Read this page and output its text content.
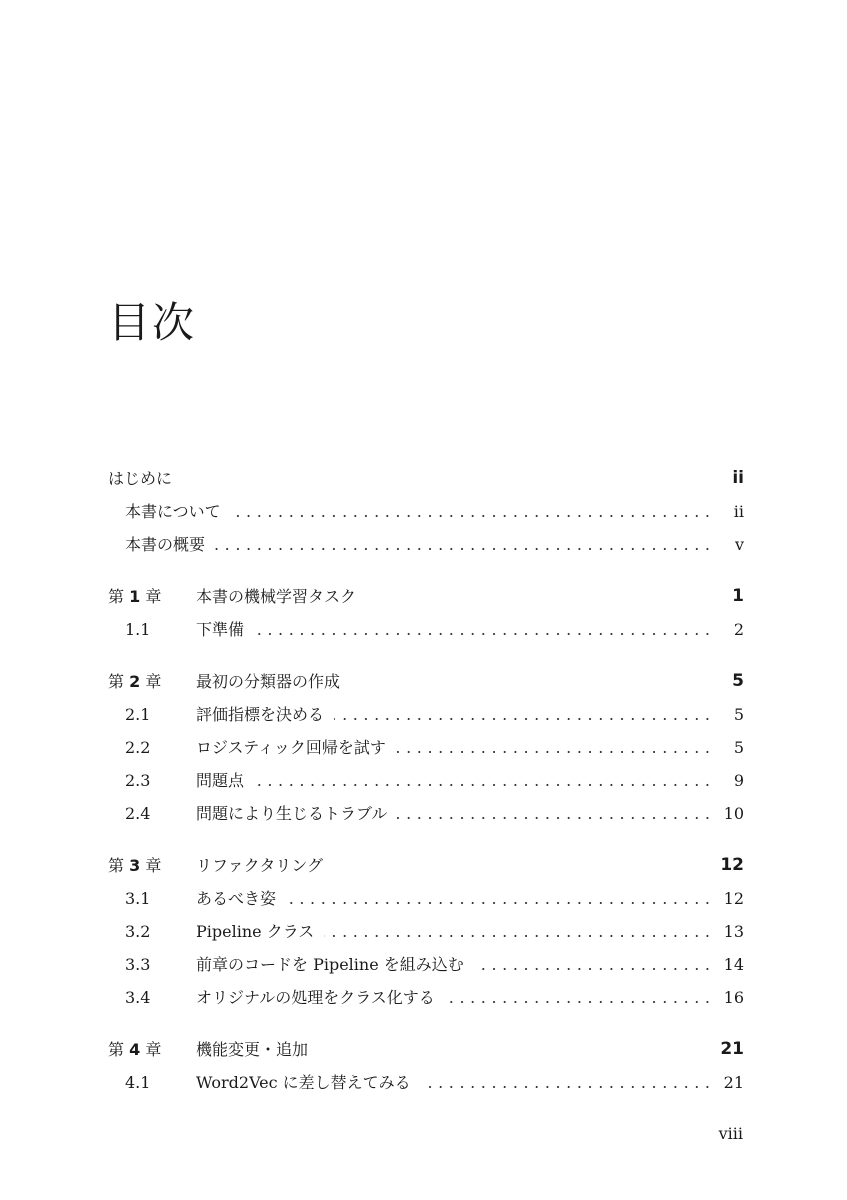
目次
はじめに	ii
本書について . . .	ii
本書の概要 . . .	v
第 1 章	本書の機械学習タスク	1
1.1	下準備 . . .	2
第 2 章	最初の分類器の作成	5
2.1	評価指標を決める . . .	5
2.2	ロジスティック回帰を試す . . .	5
2.3	問題点 . . .	9
2.4	問題により生じるトラブル . . .	10
第 3 章	リファクタリング	12
3.1	あるべき姿 . . .	12
3.2	Pipeline クラス . . .	13
3.3	前章のコードを Pipeline を組み込む . . .	14
3.4	オリジナルの処理をクラス化する . . .	16
第 4 章	機能変更・追加	21
4.1	Word2Vec に差し替えてみる . . .	21
viii
